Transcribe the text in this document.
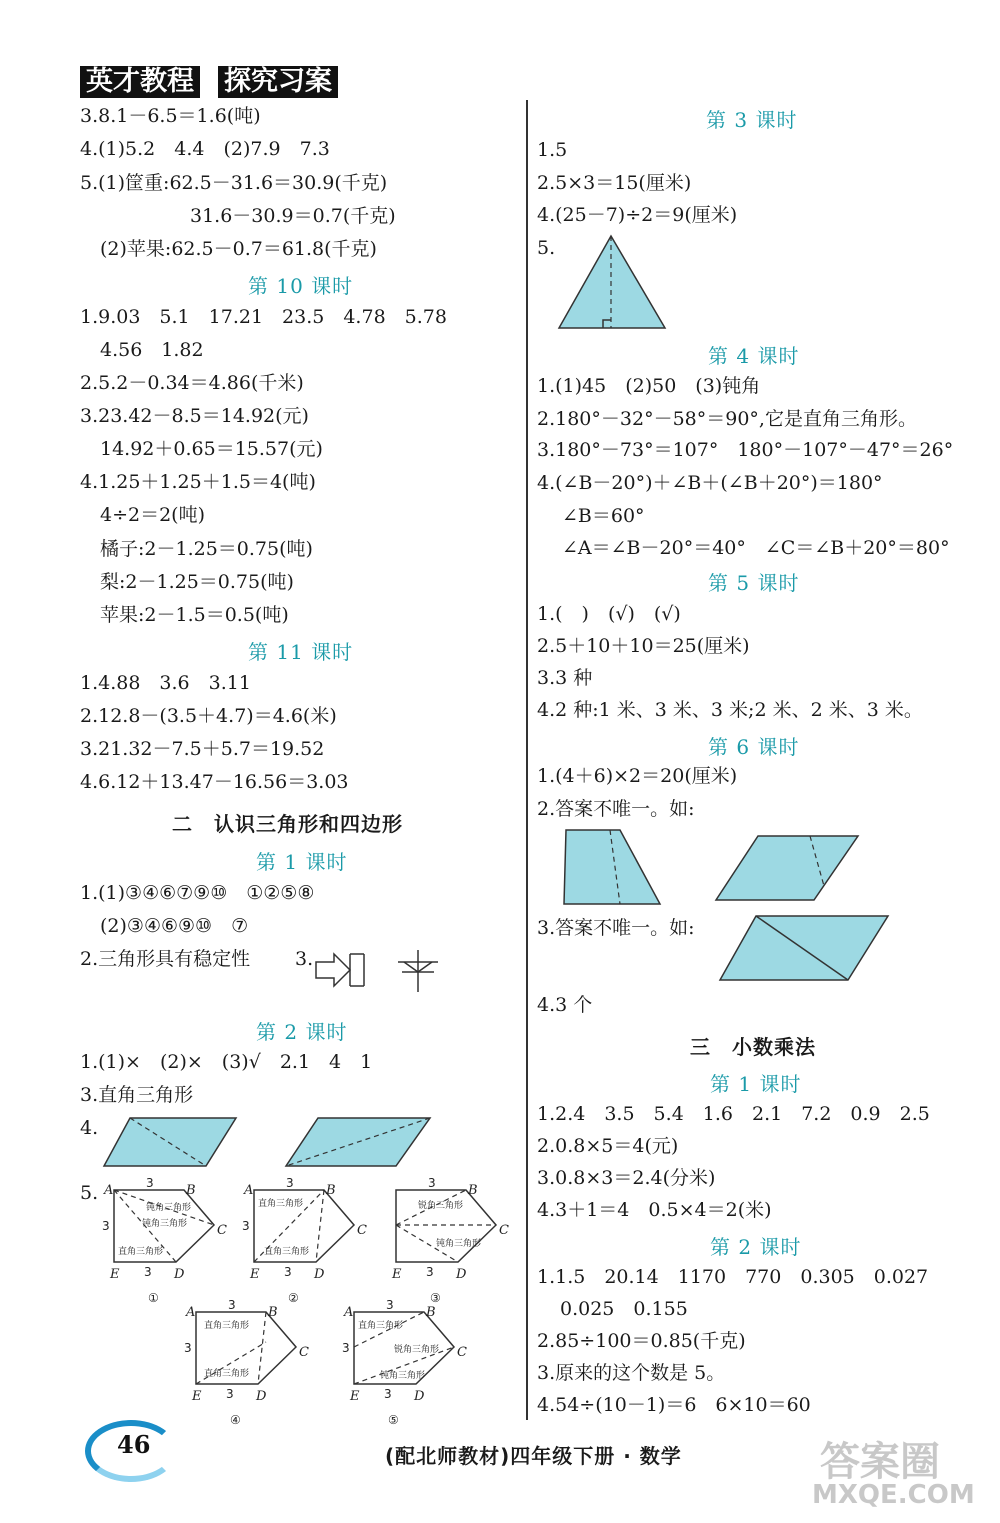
英才教程 探究习案
3.8.1－6.5＝1.6(吨)
4.(1)5.2　4.4　(2)7.9　7.3
5.(1)筐重:62.5－31.6＝30.9(千克)
31.6－30.9＝0.7(千克)
(2)苹果:62.5－0.7＝61.8(千克)
第 10 课时
1.9.03　5.1　17.21　23.5　4.78　5.78
4.56　1.82
2.5.2－0.34＝4.86(千米)
3.23.42－8.5＝14.92(元)
14.92＋0.65＝15.57(元)
4.1.25＋1.25＋1.5＝4(吨)
4÷2＝2(吨)
橘子:2－1.25＝0.75(吨)
梨:2－1.25＝0.75(吨)
苹果:2－1.5＝0.5(吨)
第 11 课时
1.4.88　3.6　3.11
2.12.8－(3.5＋4.7)＝4.6(米)
3.21.32－7.5＋5.7＝19.52
4.6.12＋13.47－16.56＝3.03
二　认识三角形和四边形
第 1 课时
1.(1)③④⑥⑦⑨⑩　①②⑤⑧
(2)③④⑥⑨⑩　⑦
2.三角形具有稳定性 3.
第 2 课时
1.(1)×　(2)×　(3)√　2.1　4　1
3.直角三角形
4.
5. A	B
C
D
E
3
3
3
钝角三角形
钝角三角形
直角三角形
①
A	B
C
D
E
3
3
3
直角三角形
直角三角形
②
B
C
D
E
3
3
锐角三角形
钝角三角形
③
A	B
C
D
E
3
3
3
直角三角形
直角三角形
④
A	B
C
D
E
3
3
3
直角三角形
锐角三角形
钝角三角形
⑤
第 3 课时
1.5
2.5×3＝15(厘米)
4.(25－7)÷2＝9(厘米)
5.
第 4 课时
1.(1)45　(2)50　(3)钝角
2.180°－32°－58°＝90°,它是直角三角形。
3.180°－73°＝107°　180°－107°－47°＝26°
4.(∠B－20°)＋∠B＋(∠B＋20°)＝180°
∠B＝60°
∠A＝∠B－20°＝40°　∠C＝∠B＋20°＝80°
第 5 课时
1.(　)　(√)　(√)
2.5＋10＋10＝25(厘米)
3.3 种
4.2 种:1 米、3 米、3 米;2 米、2 米、3 米。
第 6 课时
1.(4＋6)×2＝20(厘米)
2.答案不唯一。如:
3.答案不唯一。如:
4.3 个
三　小数乘法
第 1 课时
1.2.4　3.5　5.4　1.6　2.1　7.2　0.9　2.5
2.0.8×5＝4(元)
3.0.8×3＝2.4(分米)
4.3＋1＝4　0.5×4＝2(米)
第 2 课时
1.1.5　20.14　1170　770　0.305　0.027
0.025　0.155
2.85÷100＝0.85(千克)
3.原来的这个数是 5。
4.54÷(10－1)＝6　6×10＝60
46	(配北师教材)四年级下册 · 数学	答案圈
MXQE.COM
